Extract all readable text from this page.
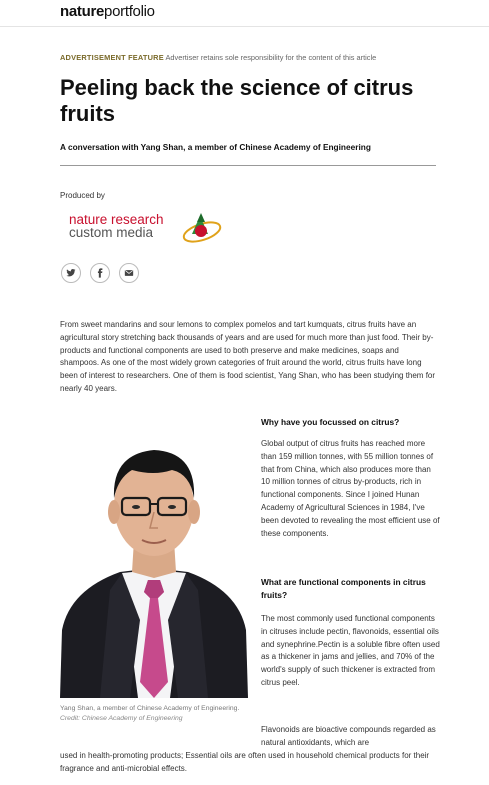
natureportfolio
ADVERTISEMENT FEATURE Advertiser retains sole responsibility for the content of this article
Peeling back the science of citrus fruits
A conversation with Yang Shan, a member of Chinese Academy of Engineering
Produced by
nature research
custom media

From sweet mandarins and sour lemons to complex pomelos and tart kumquats, citrus fruits have an agricultural story stretching back thousands of years and are used for much more than just food. Their by-products and functional components are used to both preserve and make medicines, soaps and shampoos. As one of the most widely grown categories of fruit around the world, citrus fruits have long been of interest to researchers. One of them is food scientist, Yang Shan, who has been studying them for nearly 40 years.

Yang Shan, a member of Chinese Academy of Engineering. Credit: Chinese Academy of Engineering

Why have you focussed on citrus?

Global output of citrus fruits has reached more than 159 million tonnes, with 55 million tonnes of that from China, which also produces more than 10 million tonnes of citrus by-products, rich in functional components. Since I joined Hunan Academy of Agricultural Sciences in 1984, I've been devoted to revealing the most efficient use of these components.

What are functional components in citrus fruits?

The most commonly used functional components in citruses include pectin, flavonoids, essential oils and synephrine.Pectin is a soluble fibre often used as a thickener in jams and jellies, and 70% of the world's supply of such thickener is extracted from citrus peel.

Flavonoids are bioactive compounds regarded as natural antioxidants, which are

used in health-promoting products; Essential oils are often used in household chemical products for their fragrance and anti-microbial effects.
